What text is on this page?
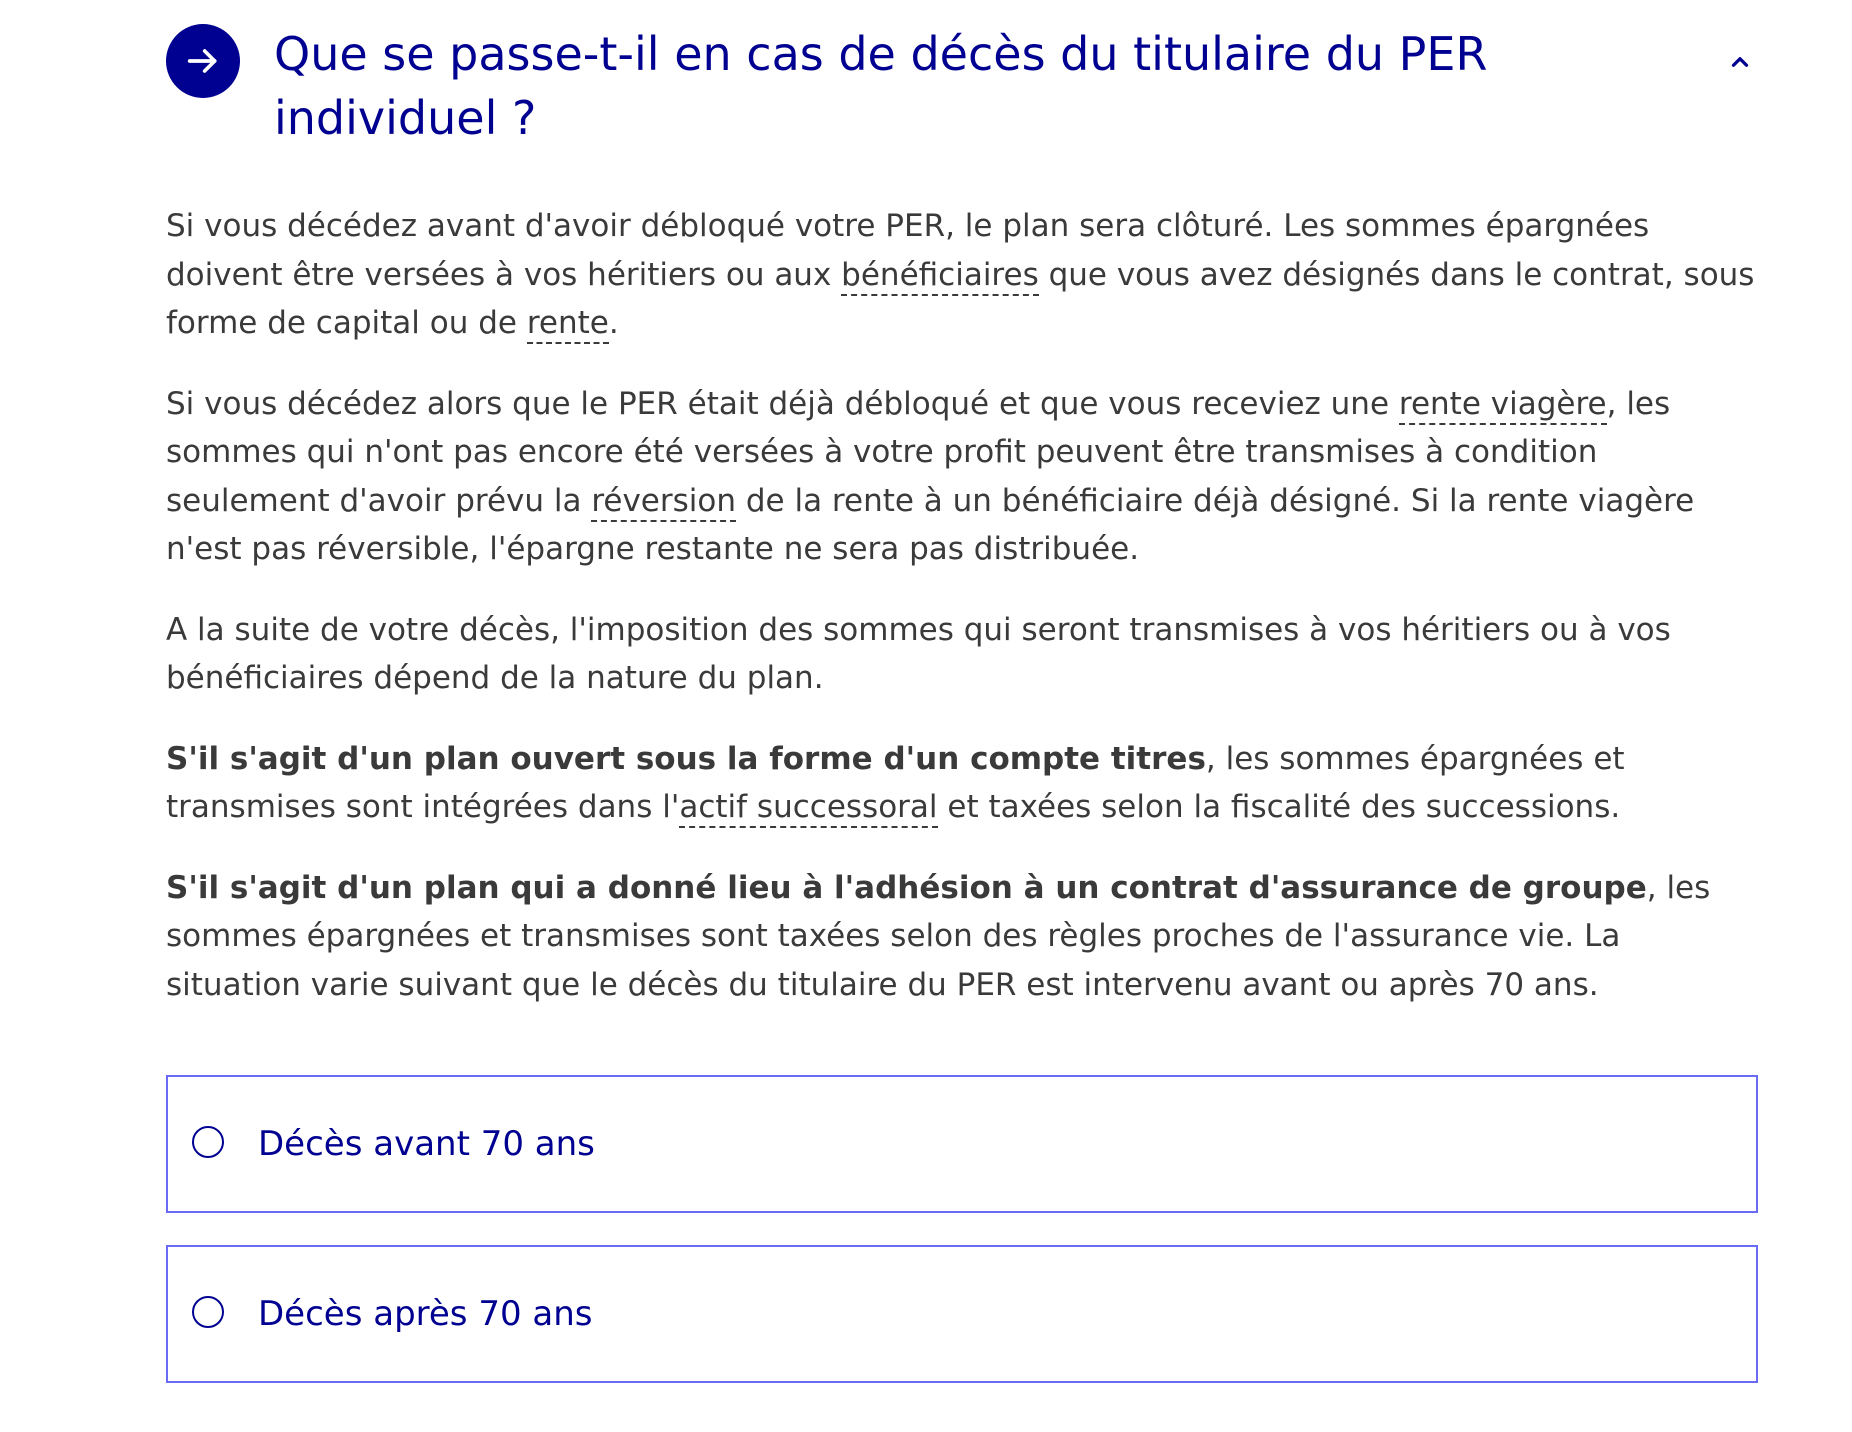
Que se passe-t-il en cas de décès du titulaire du PER individuel ?

Si vous décédez avant d'avoir débloqué votre PER, le plan sera clôturé. Les sommes épargnées doivent être versées à vos héritiers ou aux bénéficiaires que vous avez désignés dans le contrat, sous forme de capital ou de rente.

Si vous décédez alors que le PER était déjà débloqué et que vous receviez une rente viagère, les sommes qui n'ont pas encore été versées à votre profit peuvent être transmises à condition seulement d'avoir prévu la réversion de la rente à un bénéficiaire déjà désigné. Si la rente viagère n'est pas réversible, l'épargne restante ne sera pas distribuée.

A la suite de votre décès, l'imposition des sommes qui seront transmises à vos héritiers ou à vos bénéficiaires dépend de la nature du plan.

S'il s'agit d'un plan ouvert sous la forme d'un compte titres, les sommes épargnées et transmises sont intégrées dans l'actif successoral et taxées selon la fiscalité des successions.

S'il s'agit d'un plan qui a donné lieu à l'adhésion à un contrat d'assurance de groupe, les sommes épargnées et transmises sont taxées selon des règles proches de l'assurance vie. La situation varie suivant que le décès du titulaire du PER est intervenu avant ou après 70 ans.

Décès avant 70 ans
Décès après 70 ans
